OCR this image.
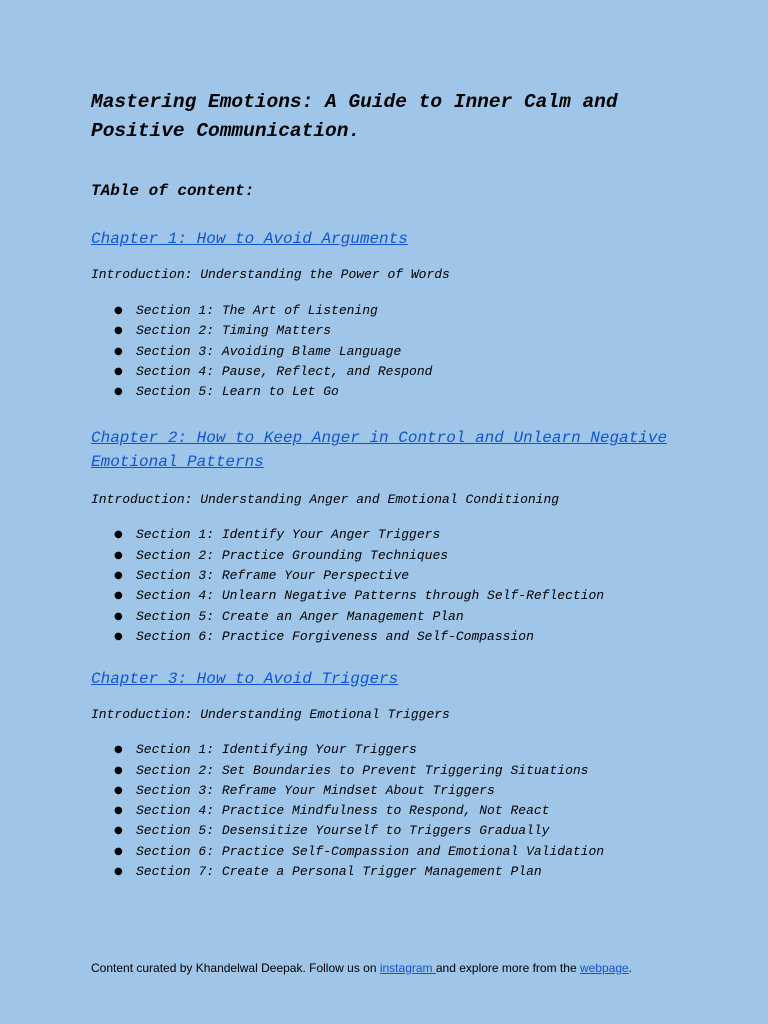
Mastering Emotions: A Guide to Inner Calm and Positive Communication.
TAble of content:
Chapter 1: How to Avoid Arguments
Introduction: Understanding the Power of Words
● Section 1: The Art of Listening
● Section 2: Timing Matters
● Section 3: Avoiding Blame Language
● Section 4: Pause, Reflect, and Respond
● Section 5: Learn to Let Go
Chapter 2: How to Keep Anger in Control and Unlearn Negative Emotional Patterns
Introduction: Understanding Anger and Emotional Conditioning
● Section 1: Identify Your Anger Triggers
● Section 2: Practice Grounding Techniques
● Section 3: Reframe Your Perspective
● Section 4: Unlearn Negative Patterns through Self-Reflection
● Section 5: Create an Anger Management Plan
● Section 6: Practice Forgiveness and Self-Compassion
Chapter 3: How to Avoid Triggers
Introduction: Understanding Emotional Triggers
● Section 1: Identifying Your Triggers
● Section 2: Set Boundaries to Prevent Triggering Situations
● Section 3: Reframe Your Mindset About Triggers
● Section 4: Practice Mindfulness to Respond, Not React
● Section 5: Desensitize Yourself to Triggers Gradually
● Section 6: Practice Self-Compassion and Emotional Validation
● Section 7: Create a Personal Trigger Management Plan
Content curated by Khandelwal Deepak. Follow us on instagram and explore more from the webpage.
